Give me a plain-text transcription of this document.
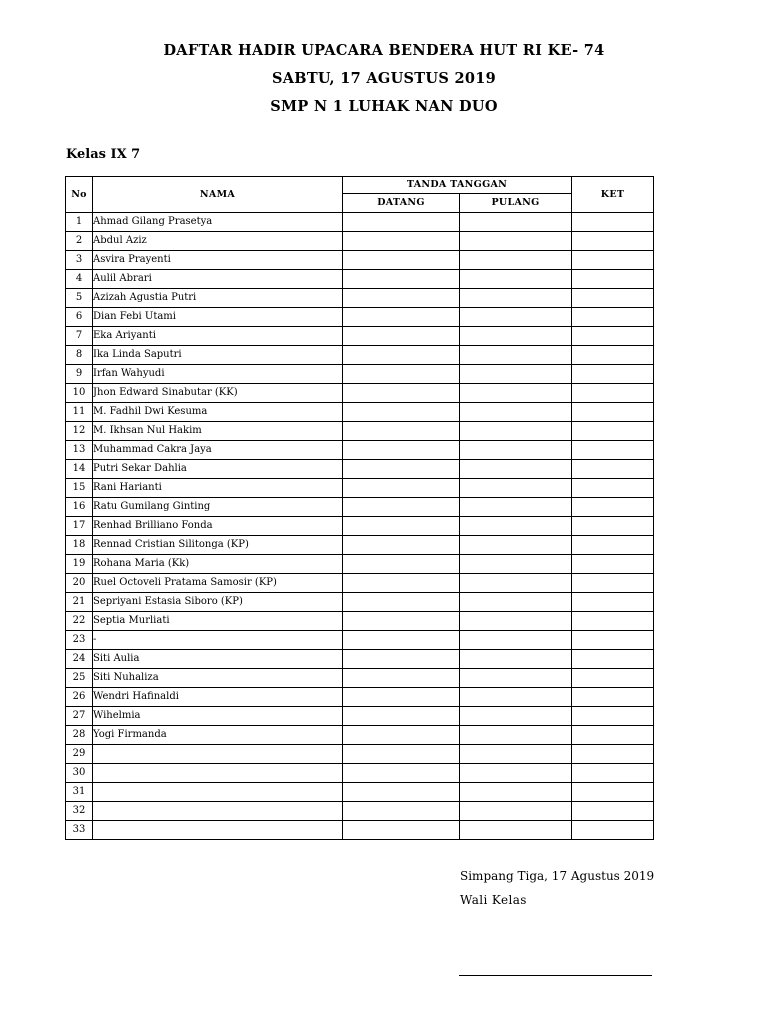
DAFTAR HADIR UPACARA BENDERA HUT RI KE- 74
SABTU, 17 AGUSTUS 2019
SMP N 1 LUHAK NAN DUO
Kelas IX 7
No	NAMA	TANDA TANGGAN		KET
		DATANG	PULANG	
1	Ahmad Gilang Prasetya			
2	Abdul Aziz			
3	Asvira Prayenti			
4	Aulil Abrari			
5	Azizah Agustia Putri			
6	Dian Febi Utami			
7	Eka Ariyanti			
8	Ika Linda Saputri			
9	Irfan Wahyudi			
10	Jhon Edward Sinabutar (KK)			
11	M. Fadhil Dwi Kesuma			
12	M. Ikhsan Nul Hakim			
13	Muhammad Cakra Jaya			
14	Putri Sekar Dahlia			
15	Rani Harianti			
16	Ratu Gumilang Ginting			
17	Renhad Brilliano Fonda			
18	Rennad Cristian Silitonga (KP)			
19	Rohana Maria (Kk)			
20	Ruel Octoveli Pratama Samosir (KP)			
21	Sepriyani Estasia Siboro (KP)			
22	Septia Murliati			
23	-			
24	Siti Aulia			
25	Siti Nuhaliza			
26	Wendri Hafinaldi			
27	Wihelmia			
28	Yogi Firmanda			
29				
30				
31				
32				
33				
Simpang Tiga, 17 Agustus 2019
Wali Kelas
